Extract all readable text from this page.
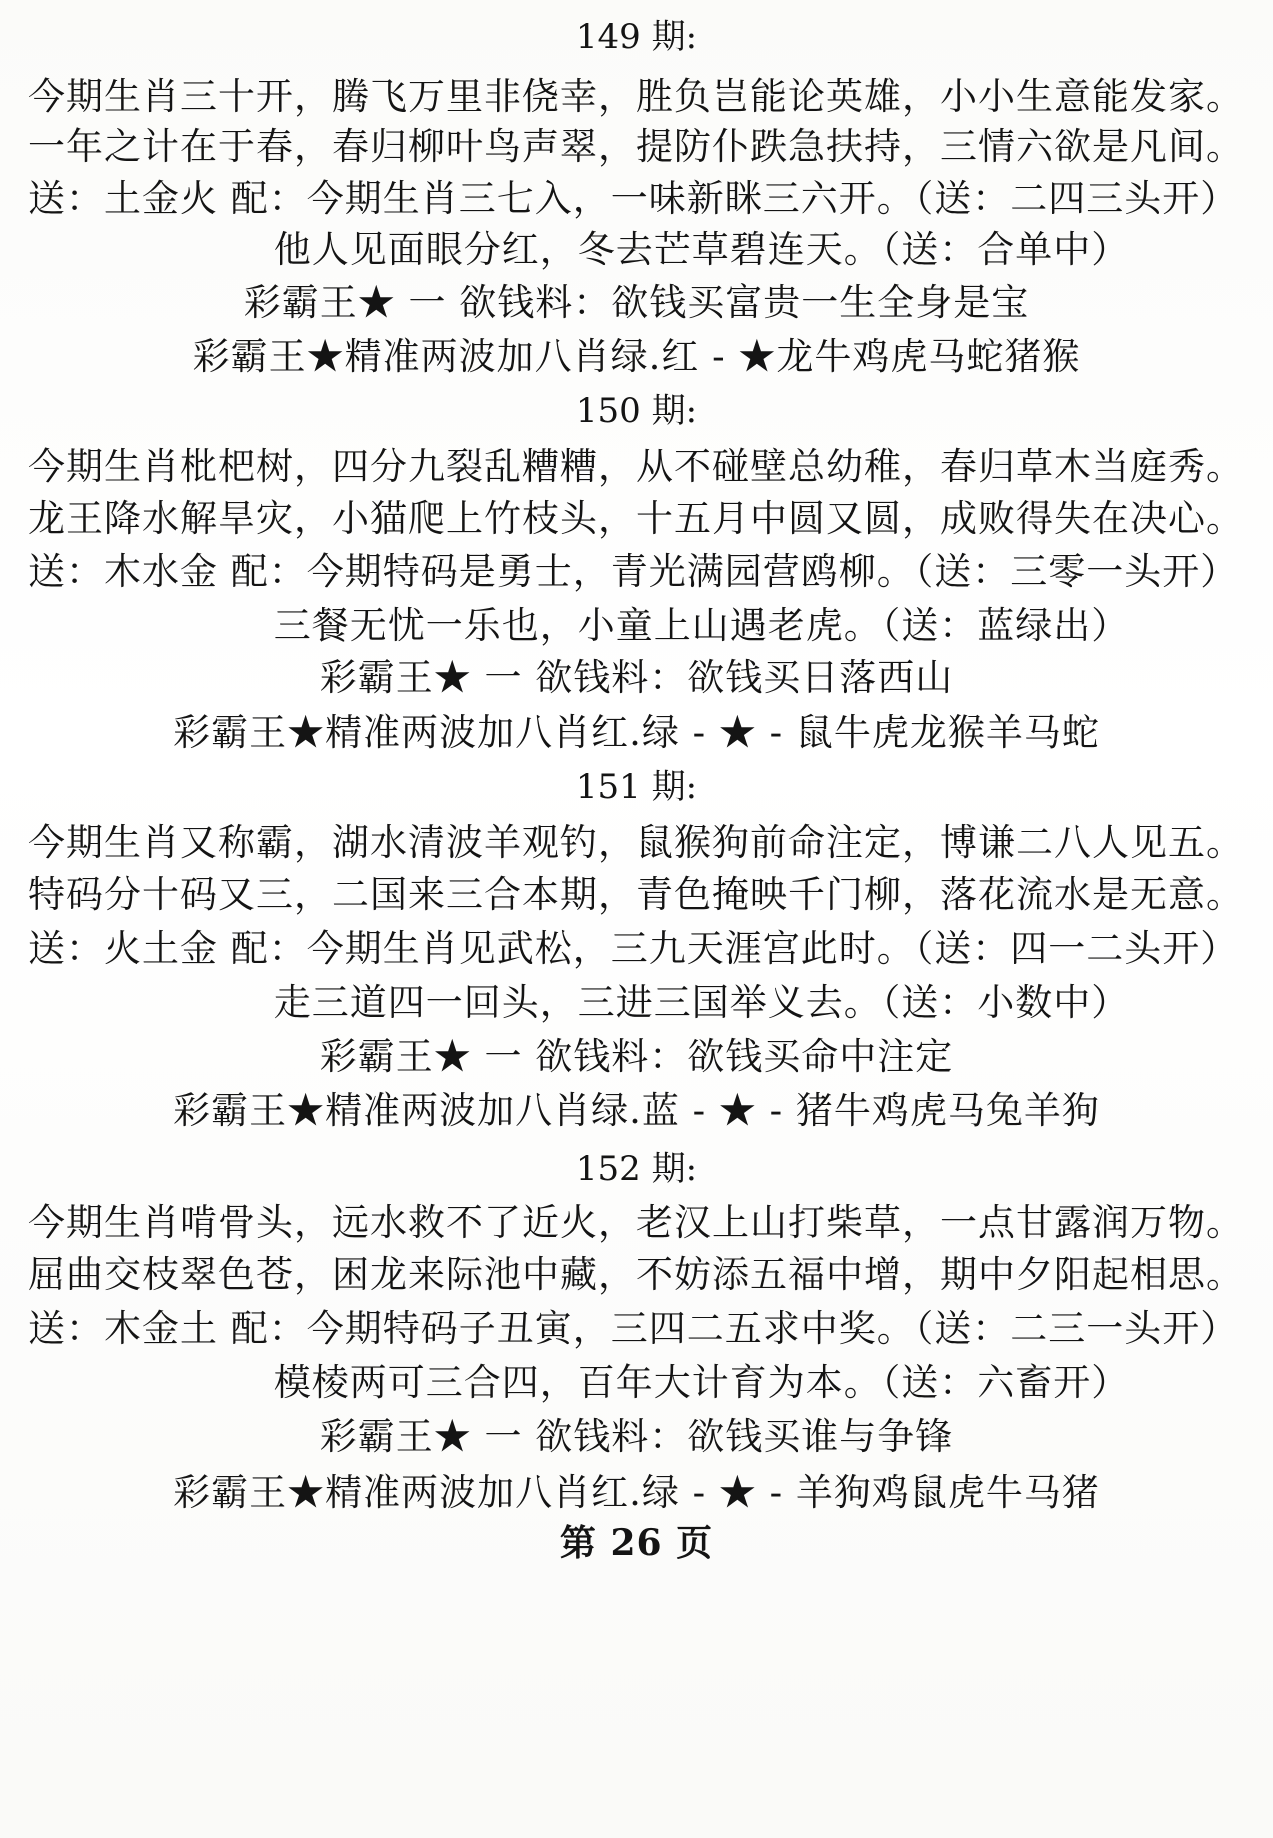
149 期:
今期生肖三十开，腾飞万里非侥幸，胜负岂能论英雄，小小生意能发家。
一年之计在于春，春归柳叶鸟声翠，提防仆跌急扶持，三情六欲是凡间。
送：土金火 配：今期生肖三七入，一味新眯三六开。（送：二四三头开）
他人见面眼分红，冬去芒草碧连天。（送：合单中）
彩霸王★ 一 欲钱料：欲钱买富贵一生全身是宝
彩霸王★精准两波加八肖绿.红 - ★龙牛鸡虎马蛇猪猴
150 期:
今期生肖枇杷树，四分九裂乱糟糟，从不碰壁总幼稚，春归草木当庭秀。
龙王降水解旱灾，小猫爬上竹枝头，十五月中圆又圆，成败得失在决心。
送：木水金 配：今期特码是勇士，青光满园营鸥柳。（送：三零一头开）
三餐无忧一乐也，小童上山遇老虎。（送：蓝绿出）
彩霸王★ 一 欲钱料：欲钱买日落西山
彩霸王★精准两波加八肖红.绿 - ★ - 鼠牛虎龙猴羊马蛇
151 期:
今期生肖又称霸，湖水清波羊观钓，鼠猴狗前命注定，博谦二八人见五。
特码分十码又三，二国来三合本期，青色掩映千门柳，落花流水是无意。
送：火土金 配：今期生肖见武松，三九天涯宫此时。（送：四一二头开）
走三道四一回头，三进三国举义去。（送：小数中）
彩霸王★ 一 欲钱料：欲钱买命中注定
彩霸王★精准两波加八肖绿.蓝 - ★ - 猪牛鸡虎马兔羊狗
152 期:
今期生肖啃骨头，远水救不了近火，老汉上山打柴草，一点甘露润万物。
屈曲交枝翠色苍，困龙来际池中藏，不妨添五福中增，期中夕阳起相思。
送：木金土 配：今期特码子丑寅，三四二五求中奖。（送：二三一头开）
模棱两可三合四，百年大计育为本。（送：六畜开）
彩霸王★ 一 欲钱料：欲钱买谁与争锋
彩霸王★精准两波加八肖红.绿 - ★ - 羊狗鸡鼠虎牛马猪
第 26 页
